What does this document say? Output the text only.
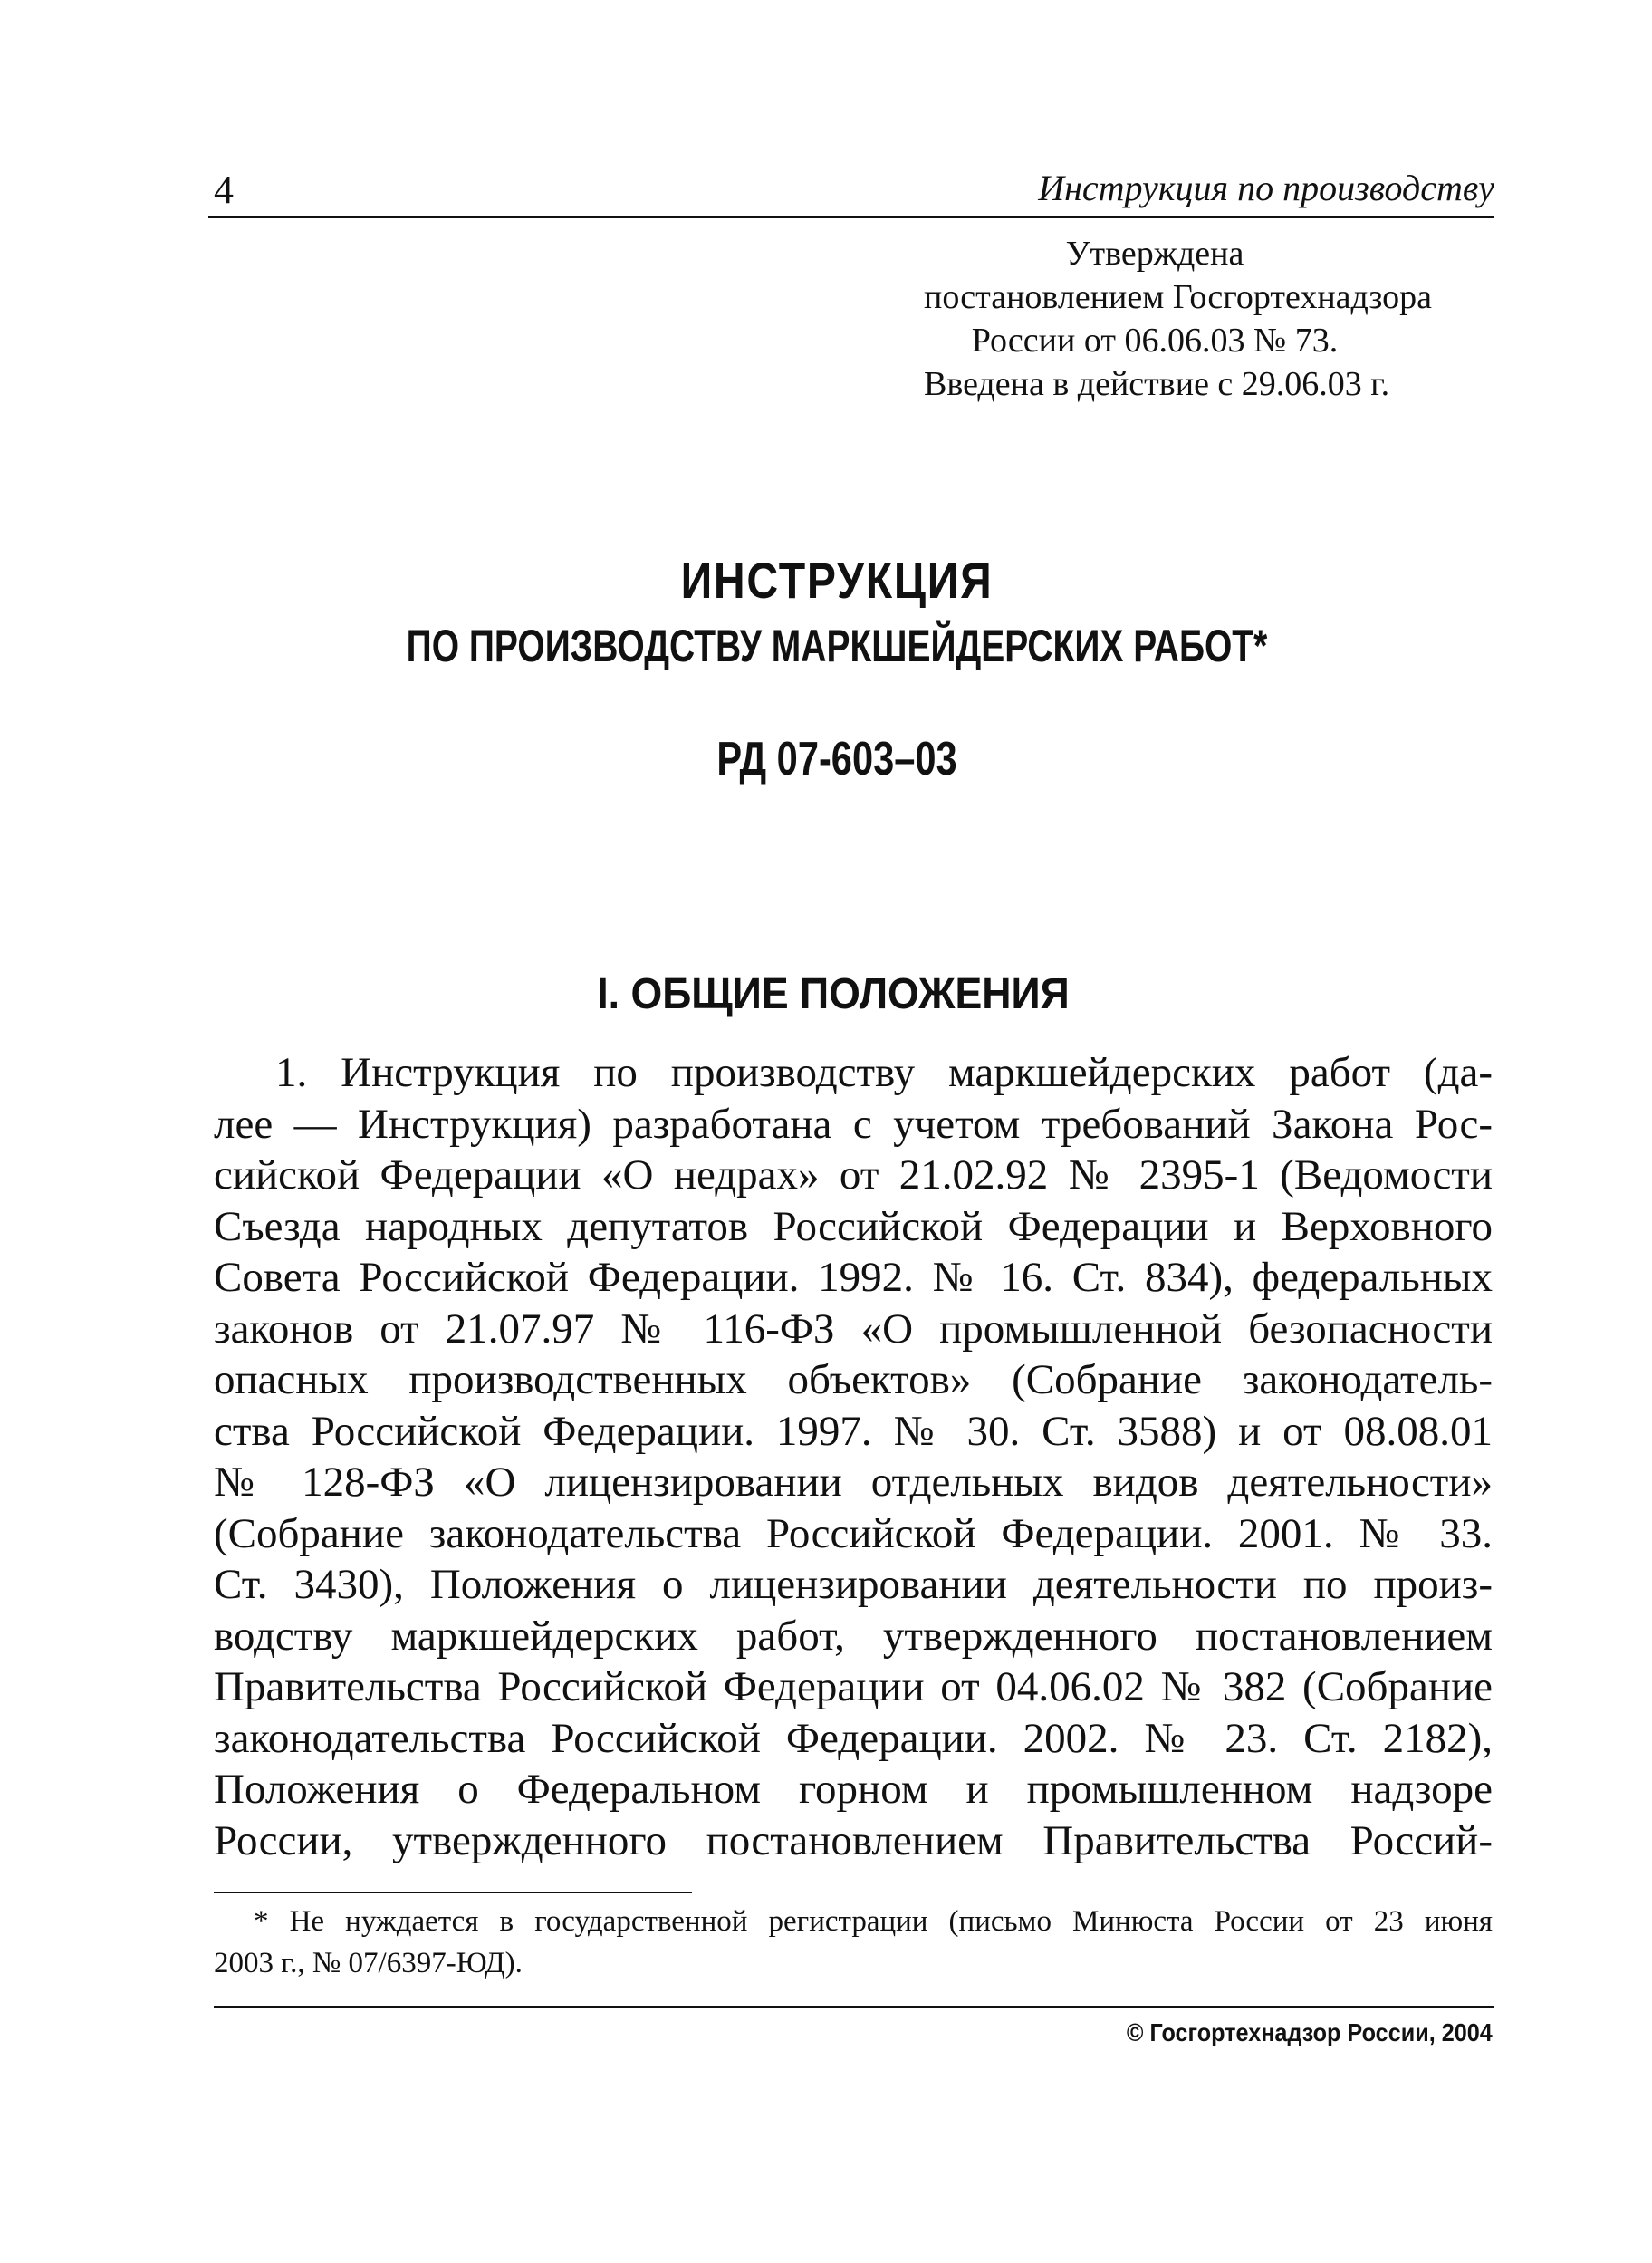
4	Инструкция по производству
Утверждена
постановлением Госгортехнадзора
России от 06.06.03 № 73.
Введена в действие с 29.06.03 г.
ИНСТРУКЦИЯ
ПО ПРОИЗВОДСТВУ МАРКШЕЙДЕРСКИХ РАБОТ*
РД 07-603–03
I. ОБЩИЕ ПОЛОЖЕНИЯ
1. Инструкция по производству маркшейдерских работ (да-
лее — Инструкция) разработана с учетом требований Закона Рос-
сийской Федерации «О недрах» от 21.02.92 № 2395-1 (Ведомости
Съезда народных депутатов Российской Федерации и Верховного
Совета Российской Федерации. 1992. № 16. Ст. 834), федеральных
законов от 21.07.97 № 116-ФЗ «О промышленной безопасности
опасных производственных объектов» (Собрание законодатель-
ства Российской Федерации. 1997. № 30. Ст. 3588) и от 08.08.01
№ 128-ФЗ «О лицензировании отдельных видов деятельности»
(Собрание законодательства Российской Федерации. 2001. № 33.
Ст. 3430), Положения о лицензировании деятельности по произ-
водству маркшейдерских работ, утвержденного постановлением
Правительства Российской Федерации от 04.06.02 № 382 (Собрание
законодательства Российской Федерации. 2002. № 23. Ст. 2182),
Положения о Федеральном горном и промышленном надзоре
России, утвержденного постановлением Правительства Россий-
* Не нуждается в государственной регистрации (письмо Минюста России от 23 июня
2003 г., № 07/6397-ЮД).
© Госгортехнадзор России, 2004
